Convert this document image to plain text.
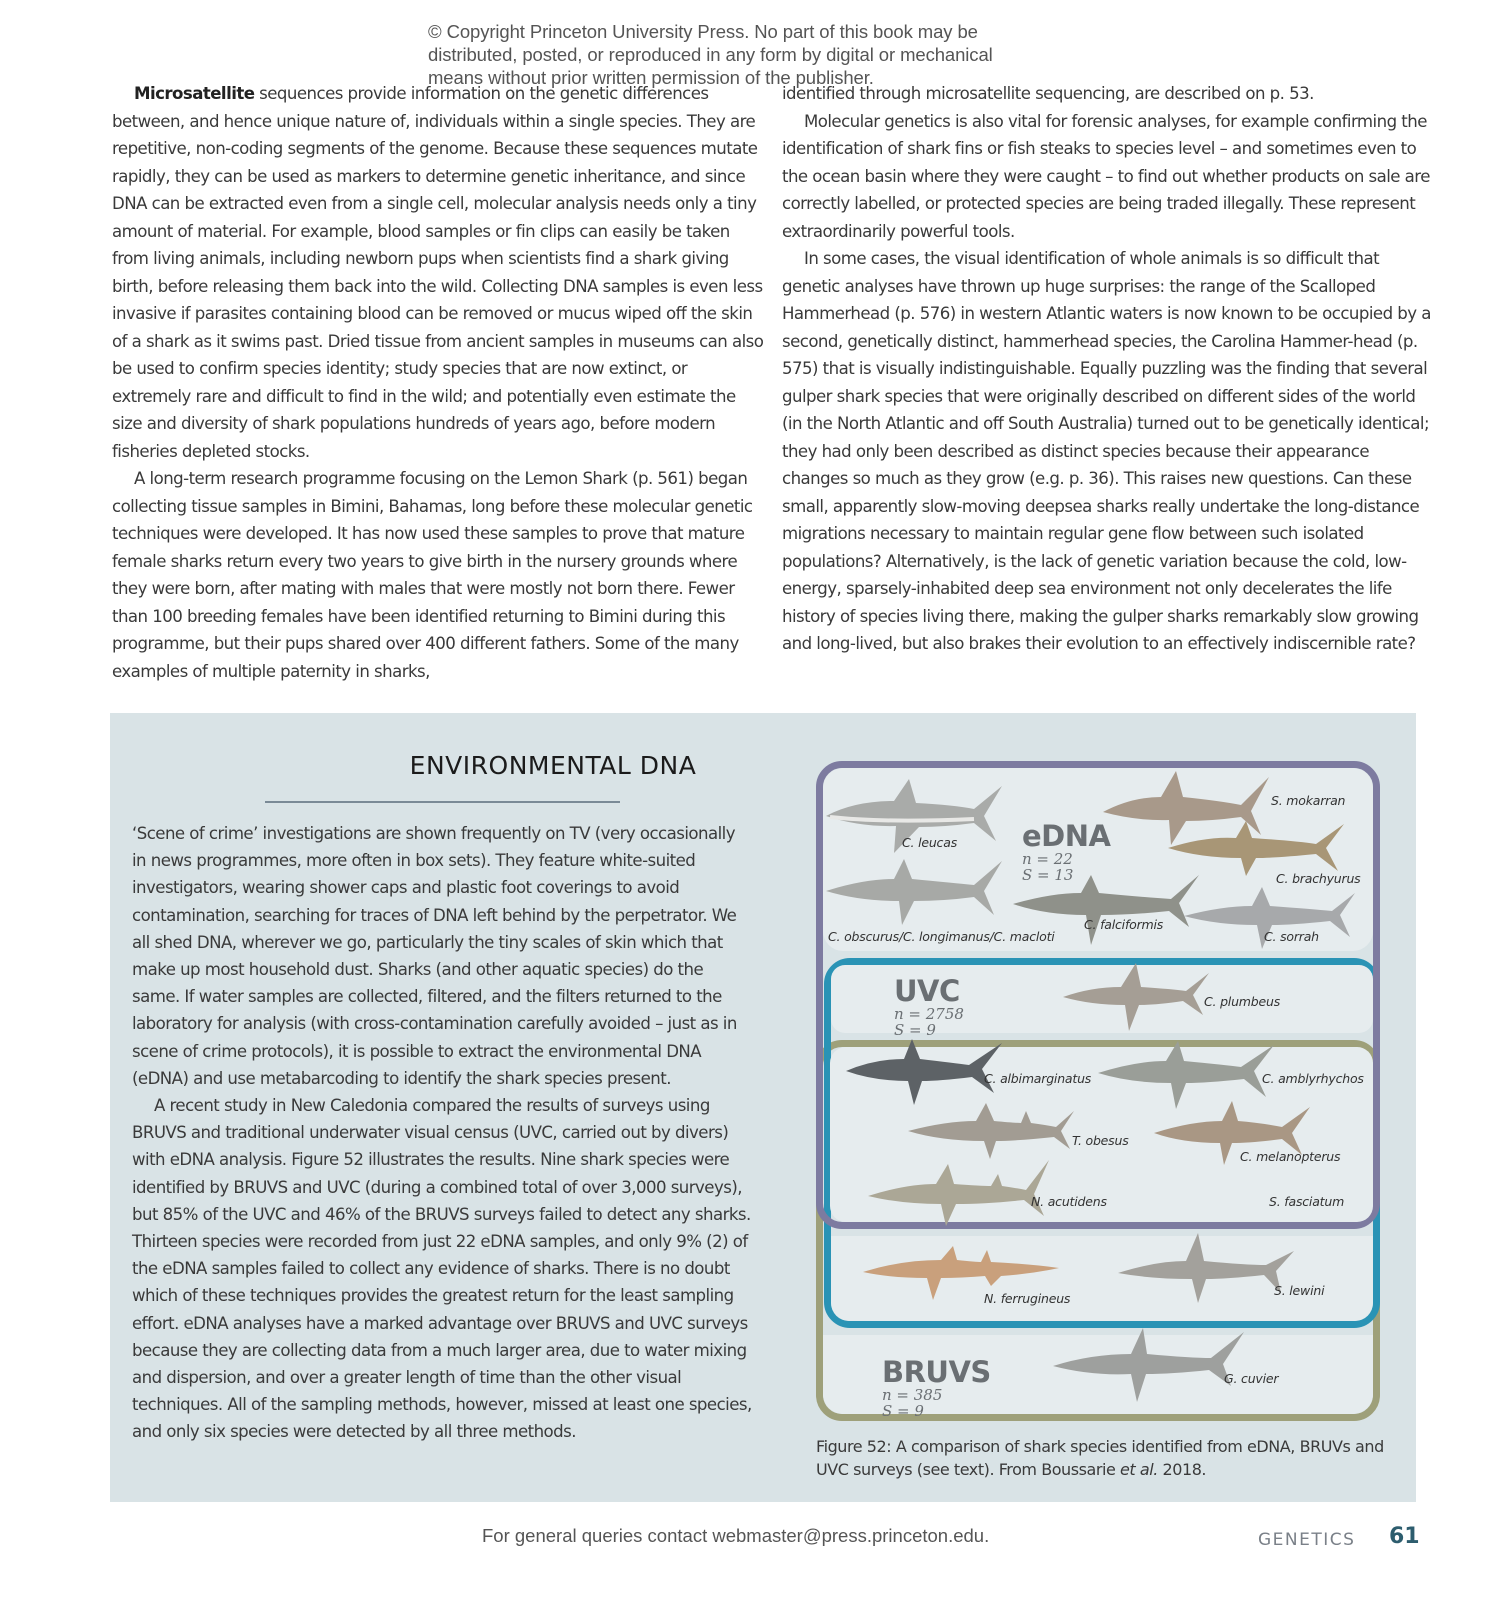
© Copyright Princeton University Press. No part of this book may be
distributed, posted, or reproduced in any form by digital or mechanical
means without prior written permission of the publisher.

Microsatellite sequences provide information on the genetic differences between, and hence unique nature of, individuals within a single species. They are repetitive, non-coding segments of the genome. Because these sequences mutate rapidly, they can be used as markers to determine genetic inheritance, and since DNA can be extracted even from a single cell, molecular analysis needs only a tiny amount of material. For example, blood samples or fin clips can easily be taken from living animals, including newborn pups when scientists find a shark giving birth, before releasing them back into the wild. Collecting DNA samples is even less invasive if parasites containing blood can be removed or mucus wiped off the skin of a shark as it swims past. Dried tissue from ancient samples in museums can also be used to confirm species identity; study species that are now extinct, or extremely rare and difficult to find in the wild; and potentially even estimate the size and diversity of shark populations hundreds of years ago, before modern fisheries depleted stocks.

A long-term research programme focusing on the Lemon Shark (p. 561) began collecting tissue samples in Bimini, Bahamas, long before these molecular genetic techniques were developed. It has now used these samples to prove that mature female sharks return every two years to give birth in the nursery grounds where they were born, after mating with males that were mostly not born there. Fewer than 100 breeding females have been identified returning to Bimini during this programme, but their pups shared over 400 different fathers. Some of the many examples of multiple paternity in sharks,

identified through microsatellite sequencing, are described on p. 53.

Molecular genetics is also vital for forensic analyses, for example confirming the identification of shark fins or fish steaks to species level – and sometimes even to the ocean basin where they were caught – to find out whether products on sale are correctly labelled, or protected species are being traded illegally. These represent extraordinarily powerful tools.

In some cases, the visual identification of whole animals is so difficult that genetic analyses have thrown up huge surprises: the range of the Scalloped Hammerhead (p. 576) in western Atlantic waters is now known to be occupied by a second, genetically distinct, hammerhead species, the Carolina Hammer-head (p. 575) that is visually indistinguishable. Equally puzzling was the finding that several gulper shark species that were originally described on different sides of the world (in the North Atlantic and off South Australia) turned out to be genetically identical; they had only been described as distinct species because their appearance changes so much as they grow (e.g. p. 36). This raises new questions. Can these small, apparently slow-moving deepsea sharks really undertake the long-distance migrations necessary to maintain regular gene flow between such isolated populations? Alternatively, is the lack of genetic variation because the cold, low-energy, sparsely-inhabited deep sea environment not only decelerates the life history of species living there, making the gulper sharks remarkably slow growing and long-lived, but also brakes their evolution to an effectively indiscernible rate?

ENVIRONMENTAL DNA

‘Scene of crime’ investigations are shown frequently on TV (very occasionally in news programmes, more often in box sets). They feature white-suited investigators, wearing shower caps and plastic foot coverings to avoid contamination, searching for traces of DNA left behind by the perpetrator. We all shed DNA, wherever we go, particularly the tiny scales of skin which that make up most household dust. Sharks (and other aquatic species) do the same. If water samples are collected, filtered, and the filters returned to the laboratory for analysis (with cross-contamination carefully avoided – just as in scene of crime protocols), it is possible to extract the environmental DNA (eDNA) and use metabarcoding to identify the shark species present.

A recent study in New Caledonia compared the results of surveys using BRUVS and traditional underwater visual census (UVC, carried out by divers) with eDNA analysis. Figure 52 illustrates the results. Nine shark species were identified by BRUVS and UVC (during a combined total of over 3,000 surveys), but 85% of the UVC and 46% of the BRUVS surveys failed to detect any sharks. Thirteen species were recorded from just 22 eDNA samples, and only 9% (2) of the eDNA samples failed to collect any evidence of sharks. There is no doubt which of these techniques provides the greatest return for the least sampling effort. eDNA analyses have a marked advantage over BRUVS and UVC surveys because they are collecting data from a much larger area, due to water mixing and dispersion, and over a greater length of time than the other visual techniques. All of the sampling methods, however, missed at least one species, and only six species were detected by all three methods.

eDNA
n = 22
S = 13
UVC
n = 2758
S = 9
BRUVS
n = 385
S = 9
C. leucas
S. mokarran
C. brachyurus
C. obscurus/C. longimanus/C. macloti
C. falciformis
C. sorrah
C. plumbeus
C. albimarginatus	C. amblyrhychos
T. obesus
C. melanopterus
N. acutidens	S. fasciatum
N. ferrugineus
S. lewini
G. cuvier
Figure 52: A comparison of shark species identified from eDNA, BRUVs and UVC surveys (see text). From Boussarie et al. 2018.
For general queries contact webmaster@press.princeton.edu.	GENETICS 61
